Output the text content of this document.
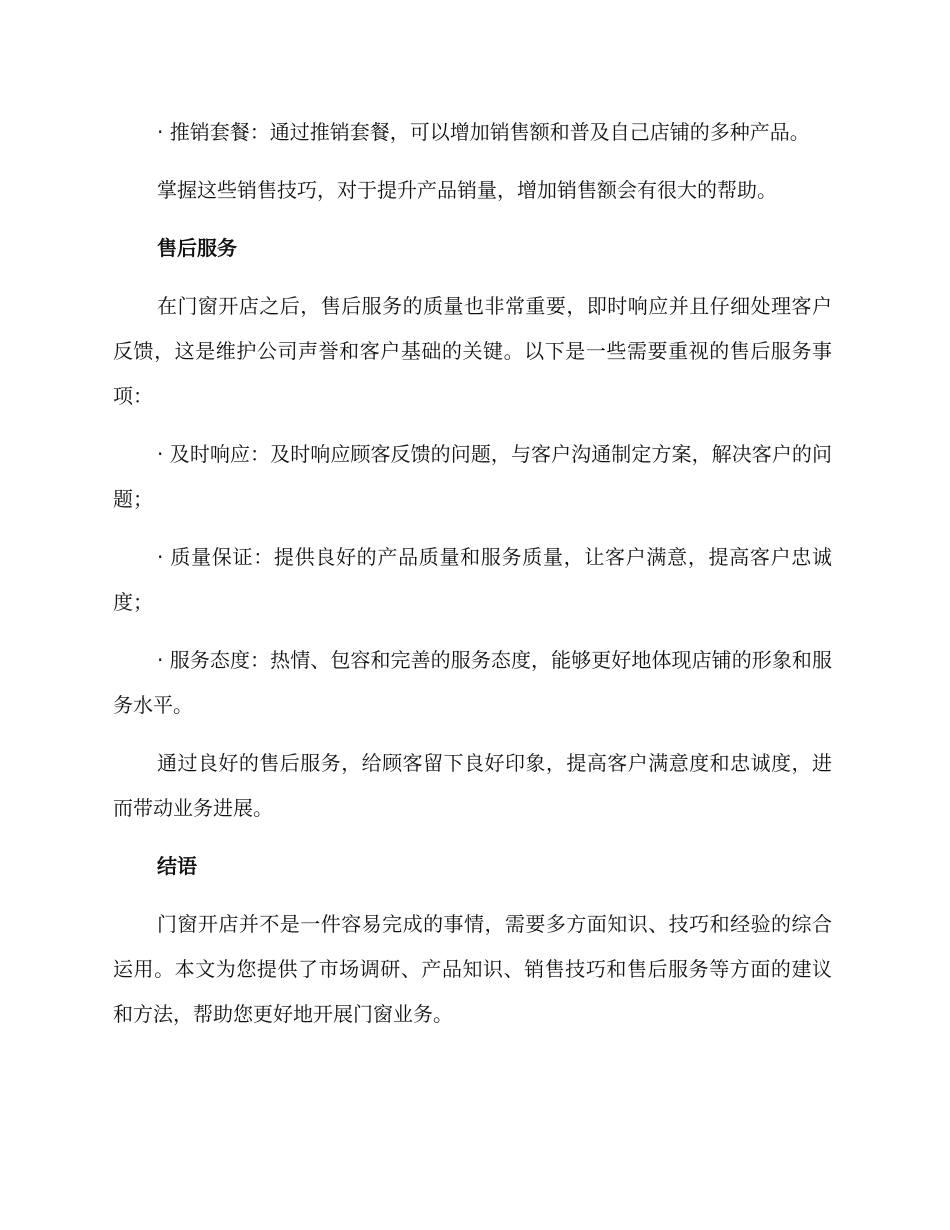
· 推销套餐：通过推销套餐，可以增加销售额和普及自己店铺的多种产品。

掌握这些销售技巧，对于提升产品销量，增加销售额会有很大的帮助。

售后服务

在门窗开店之后，售后服务的质量也非常重要，即时响应并且仔细处理客户反馈，这是维护公司声誉和客户基础的关键。以下是一些需要重视的售后服务事项：

· 及时响应：及时响应顾客反馈的问题，与客户沟通制定方案，解决客户的问题；

· 质量保证：提供良好的产品质量和服务质量，让客户满意，提高客户忠诚度；

· 服务态度：热情、包容和完善的服务态度，能够更好地体现店铺的形象和服务水平。

通过良好的售后服务，给顾客留下良好印象，提高客户满意度和忠诚度，进而带动业务进展。

结语

门窗开店并不是一件容易完成的事情，需要多方面知识、技巧和经验的综合运用。本文为您提供了市场调研、产品知识、销售技巧和售后服务等方面的建议和方法，帮助您更好地开展门窗业务。
